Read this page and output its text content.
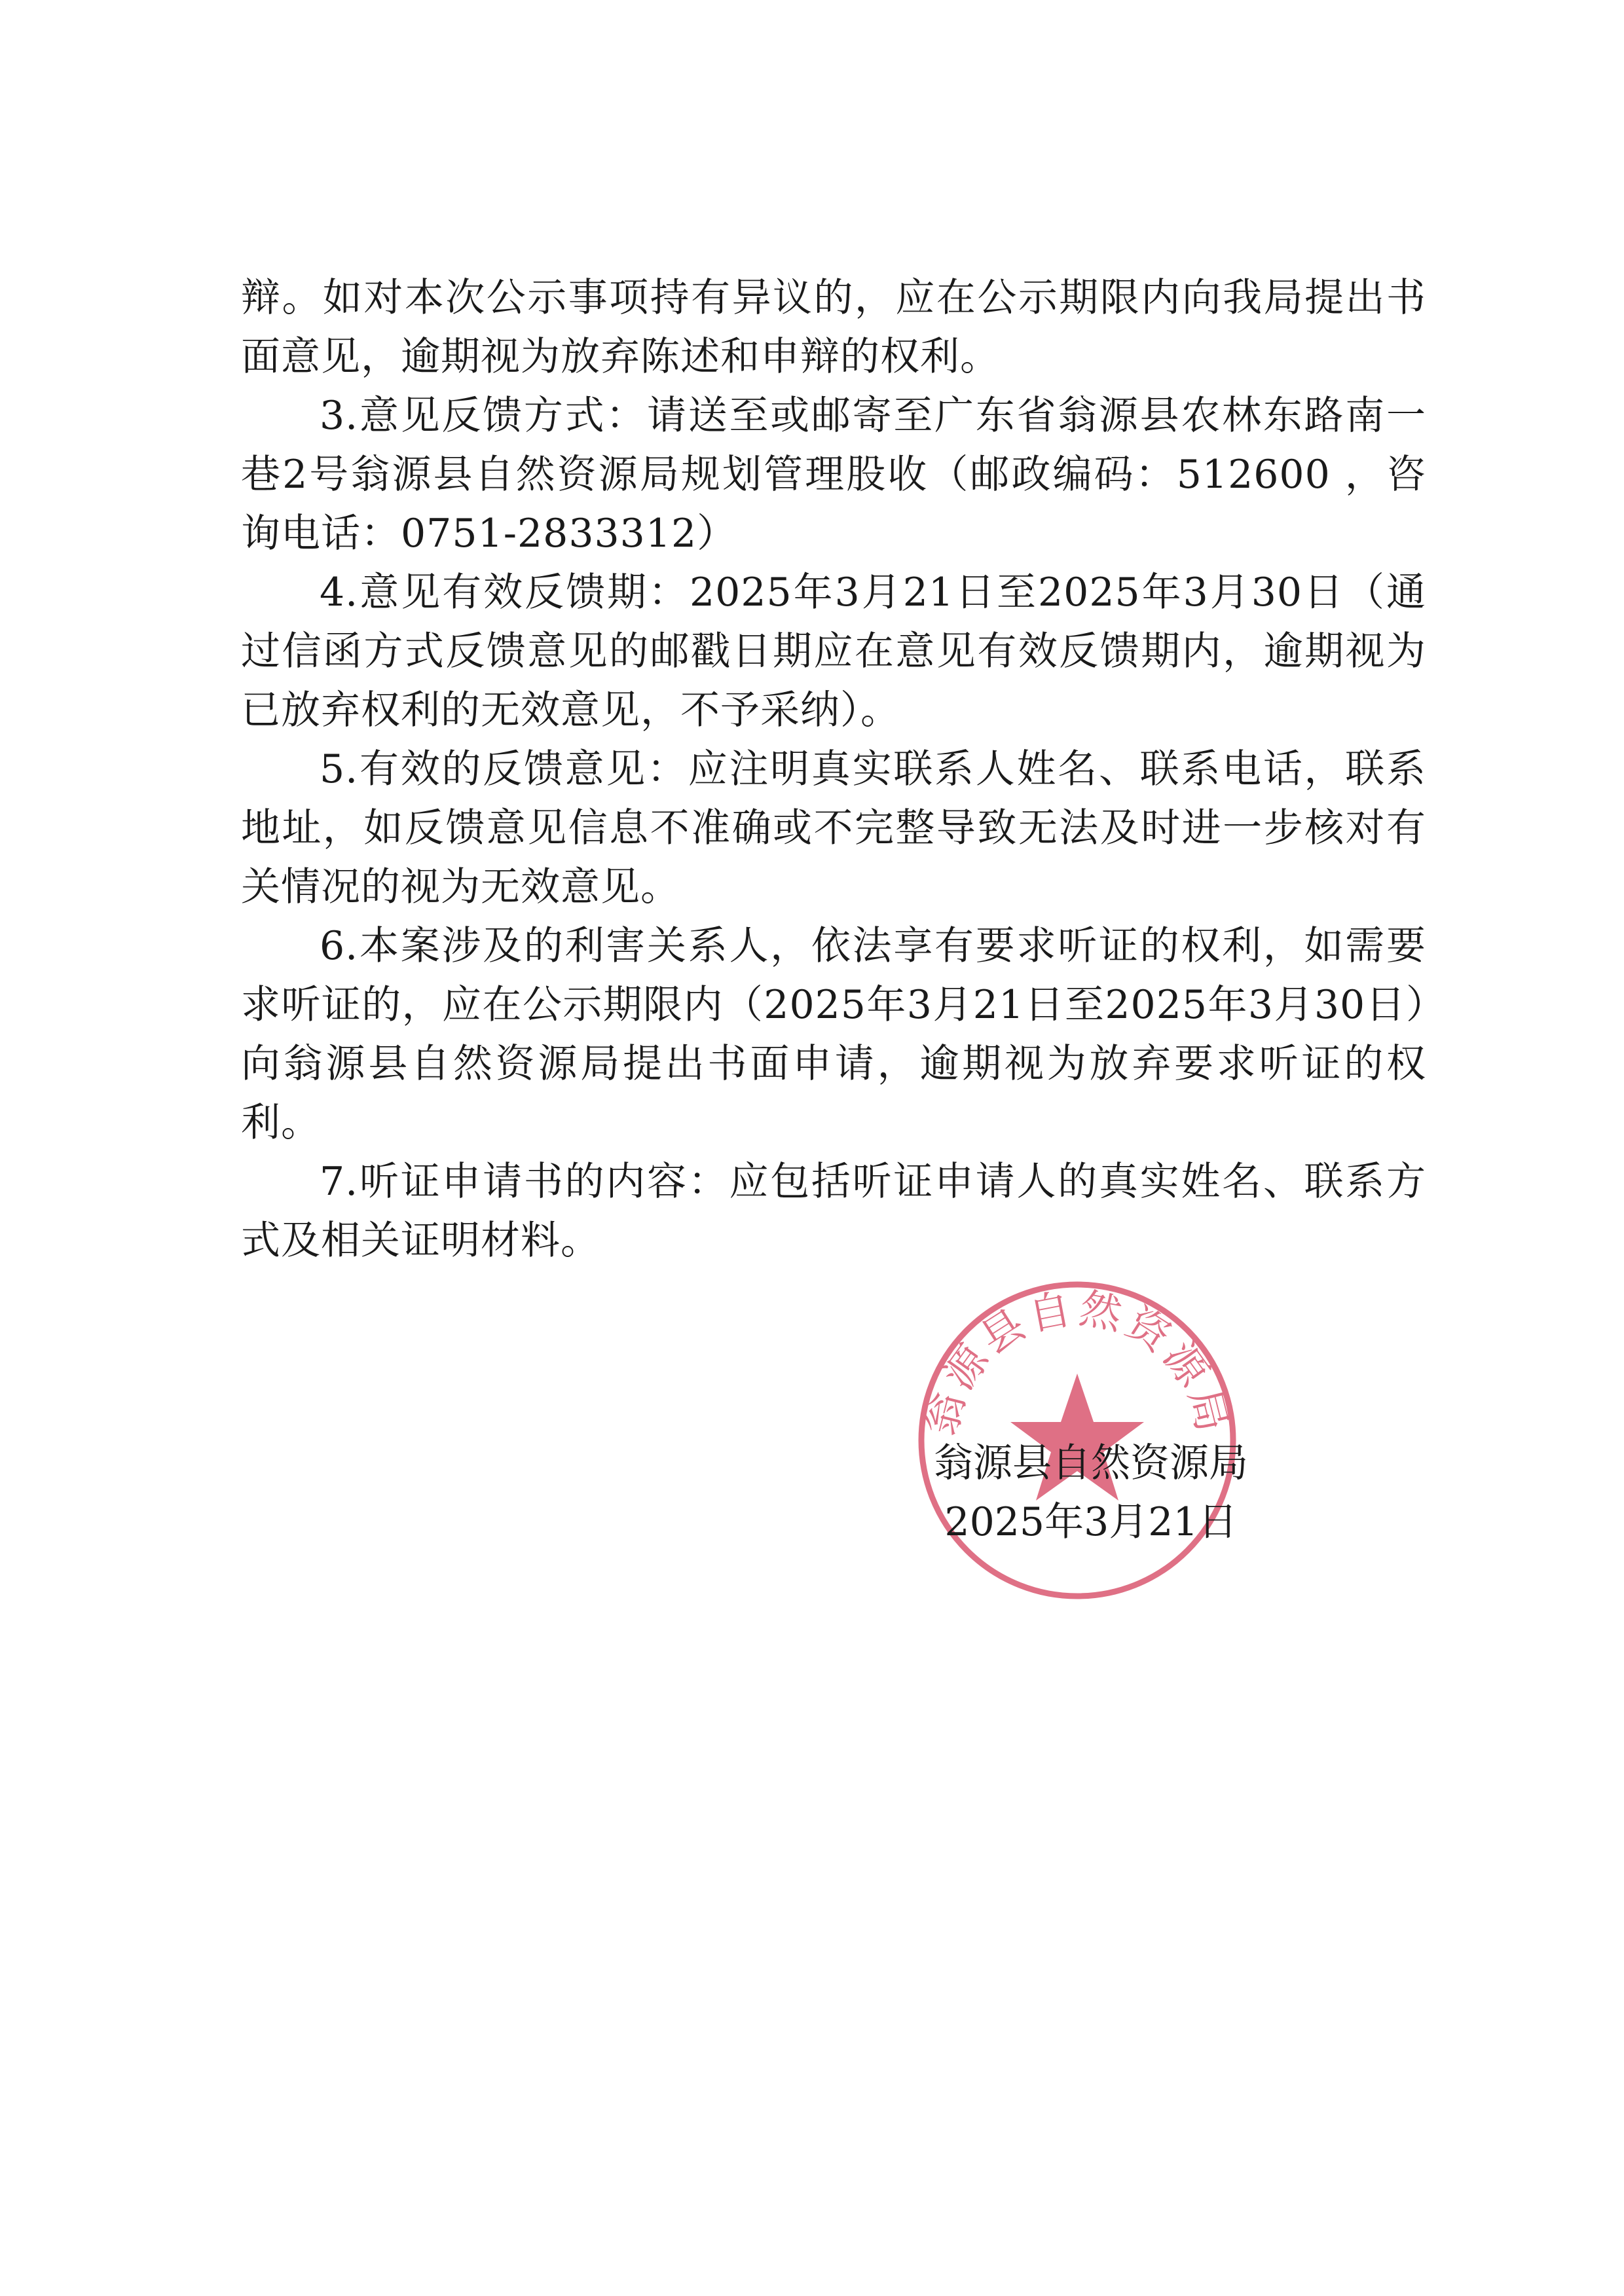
辩。如对本次公示事项持有异议的，应在公示期限内向我局提出书面意见，逾期视为放弃陈述和申辩的权利。

3.意见反馈方式：请送至或邮寄至广东省翁源县农林东路南一巷2号翁源县自然资源局规划管理股收（邮政编码：512600 ，咨询电话：0751-2833312）

4.意见有效反馈期：2025年3月21日至2025年3月30日（通过信函方式反馈意见的邮戳日期应在意见有效反馈期内，逾期视为已放弃权利的无效意见，不予采纳）。

5.有效的反馈意见：应注明真实联系人姓名、联系电话，联系地址，如反馈意见信息不准确或不完整导致无法及时进一步核对有关情况的视为无效意见。

6.本案涉及的利害关系人，依法享有要求听证的权利，如需要求听证的，应在公示期限内（2025年3月21日至2025年3月30日）向翁源县自然资源局提出书面申请，逾期视为放弃要求听证的权利。

7.听证申请书的内容：应包括听证申请人的真实姓名、联系方式及相关证明材料。

翁源县自然资源局
翁源县自然资源局
2025年3月21日
